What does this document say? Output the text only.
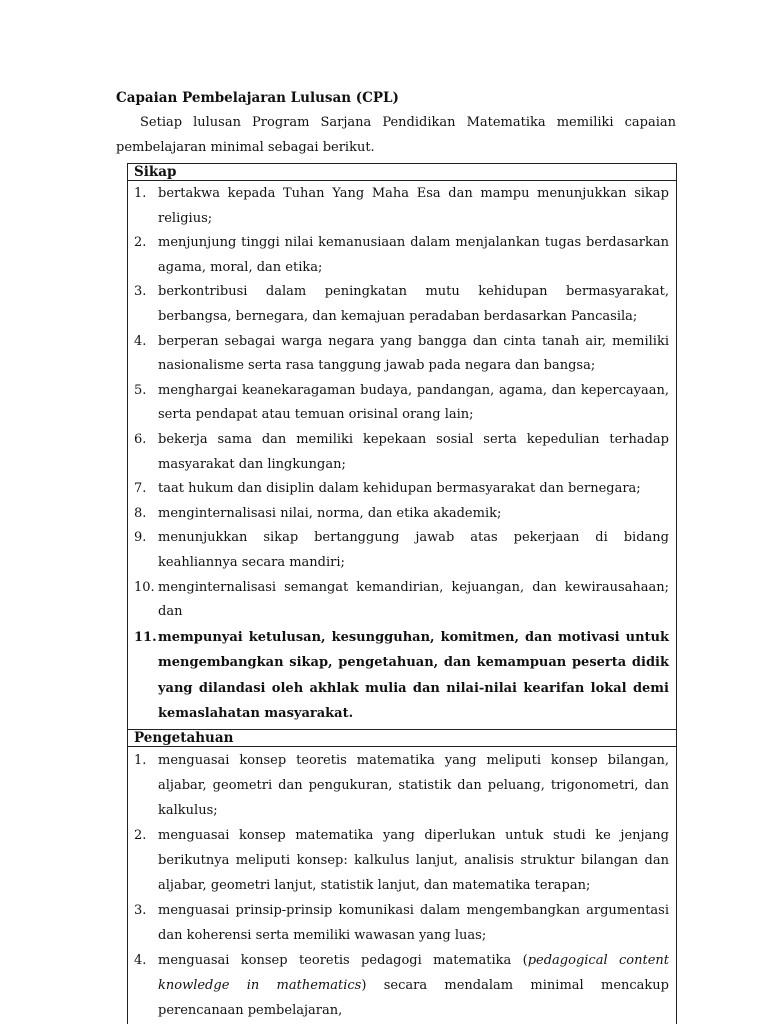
Capaian Pembelajaran Lulusan (CPL)

Setiap lulusan Program Sarjana Pendidikan Matematika memiliki capaian pembelajaran minimal sebagai berikut.

Sikap

1. bertakwa kepada Tuhan Yang Maha Esa dan mampu menunjukkan sikap religius;
2. menjunjung tinggi nilai kemanusiaan dalam menjalankan tugas berdasarkan agama, moral, dan etika;
3. berkontribusi dalam peningkatan mutu kehidupan bermasyarakat, berbangsa, bernegara, dan kemajuan peradaban berdasarkan Pancasila;
4. berperan sebagai warga negara yang bangga dan cinta tanah air, memiliki nasionalisme serta rasa tanggung jawab pada negara dan bangsa;
5. menghargai keanekaragaman budaya, pandangan, agama, dan kepercayaan, serta pendapat atau temuan orisinal orang lain;
6. bekerja sama dan memiliki kepekaan sosial serta kepedulian terhadap masyarakat dan lingkungan;
7. taat hukum dan disiplin dalam kehidupan bermasyarakat dan bernegara;
8. menginternalisasi nilai, norma, dan etika akademik;
9. menunjukkan sikap bertanggung jawab atas pekerjaan di bidang keahliannya secara mandiri;
10. menginternalisasi semangat kemandirian, kejuangan, dan kewirausahaan; dan
11. mempunyai ketulusan, kesungguhan, komitmen, dan motivasi untuk mengembangkan sikap, pengetahuan, dan kemampuan peserta didik yang dilandasi oleh akhlak mulia dan nilai-nilai kearifan lokal demi kemaslahatan masyarakat.

Pengetahuan

1. menguasai konsep teoretis matematika yang meliputi konsep bilangan, aljabar, geometri dan pengukuran, statistik dan peluang, trigonometri, dan kalkulus;
2. menguasai konsep matematika yang diperlukan untuk studi ke jenjang berikutnya meliputi konsep: kalkulus lanjut, analisis struktur bilangan dan aljabar, geometri lanjut, statistik lanjut, dan matematika terapan;
3. menguasai prinsip-prinsip komunikasi dalam mengembangkan argumentasi dan koherensi serta memiliki wawasan yang luas;
4. menguasai konsep teoretis pedagogi matematika (pedagogical content knowledge in mathematics) secara mendalam minimal mencakup perencanaan pembelajaran,
